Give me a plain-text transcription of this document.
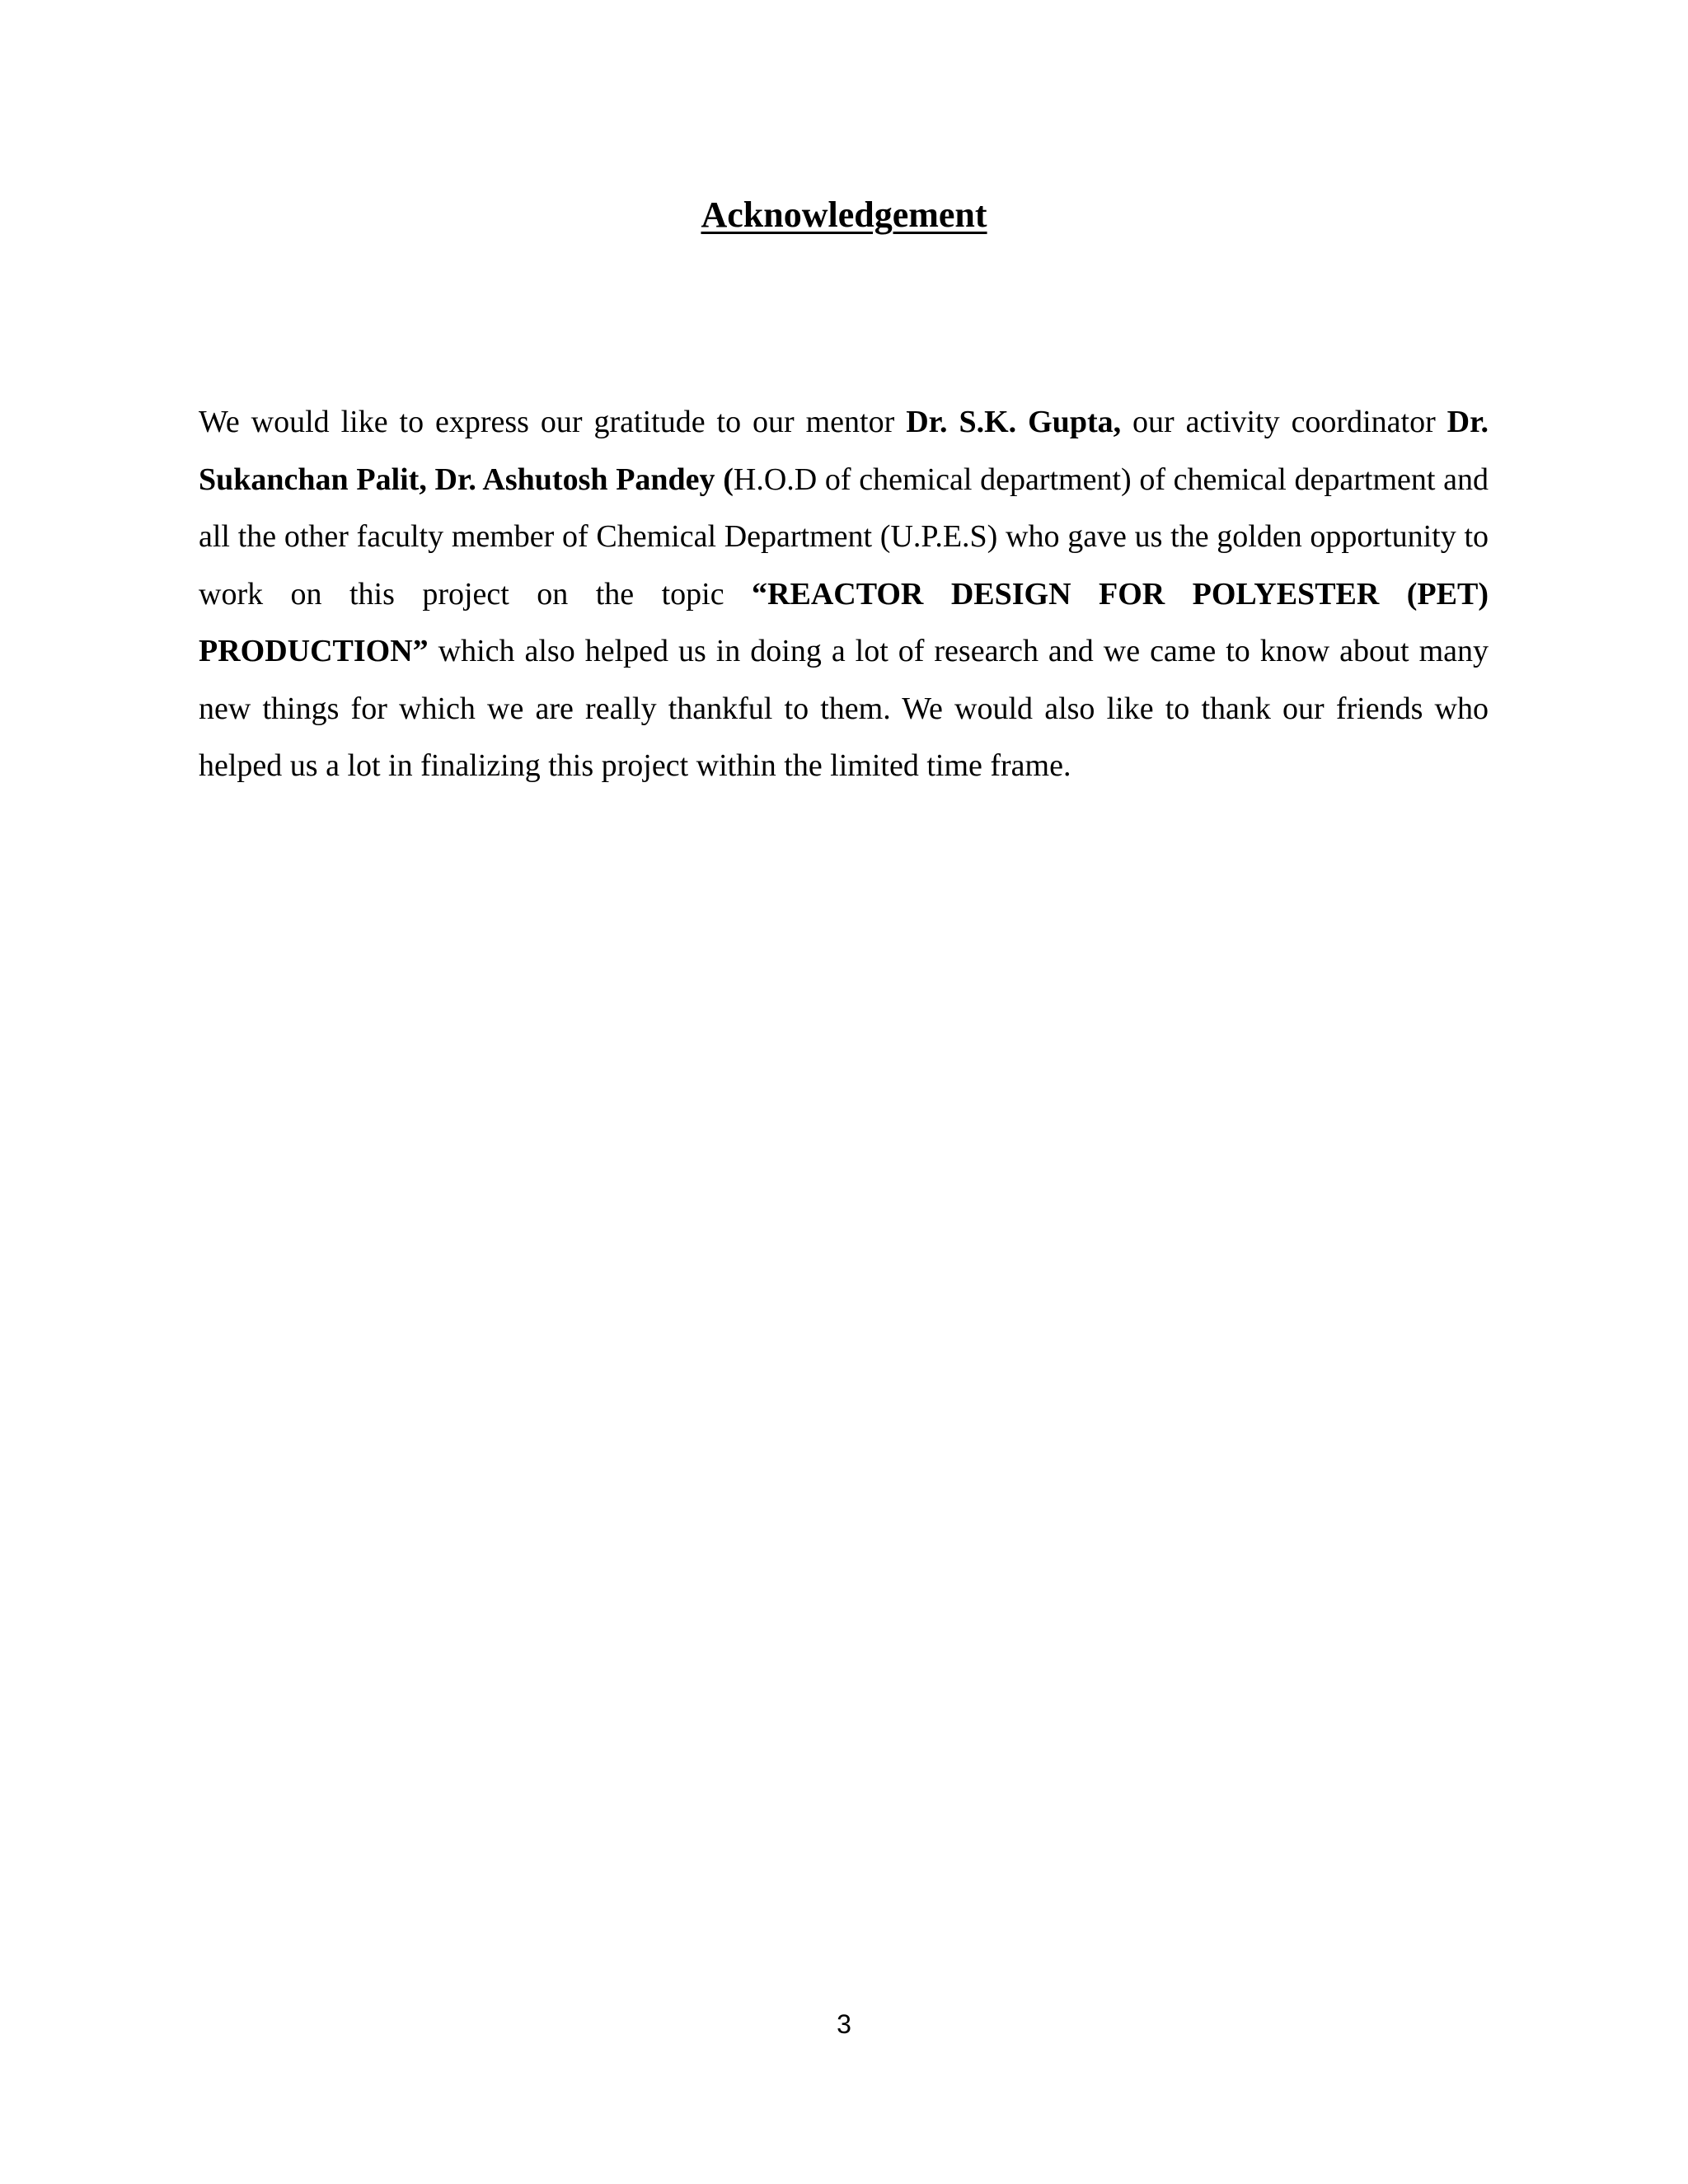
Acknowledgement

We would like to express our gratitude to our mentor Dr. S.K. Gupta, our activity coordinator Dr. Sukanchan Palit, Dr. Ashutosh Pandey (H.O.D of chemical department) of chemical department and all the other faculty member of Chemical Department (U.P.E.S) who gave us the golden opportunity to work on this project on the topic “REACTOR DESIGN FOR POLYESTER (PET) PRODUCTION” which also helped us in doing a lot of research and we came to know about many new things for which we are really thankful to them. We would also like to thank our friends who helped us a lot in finalizing this project within the limited time frame.

3
